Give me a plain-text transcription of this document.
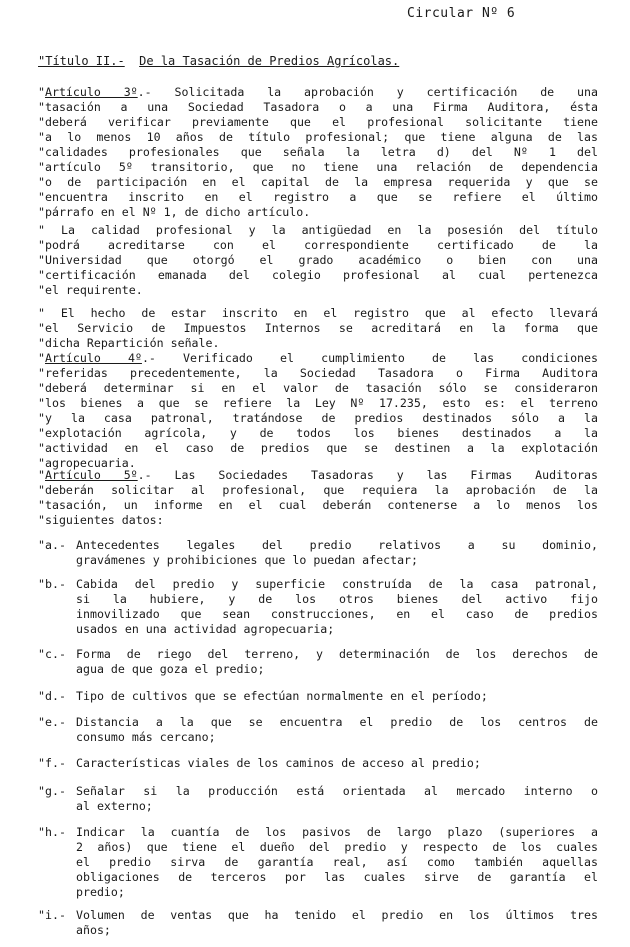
Circular Nº 6
"Título II.- De la Tasación de Predios Agrícolas.
"Artículo 3º.- Solicitada la aprobación y certificación de una
"tasación a una Sociedad Tasadora o a una Firma Auditora, ésta
"deberá verificar previamente que el profesional solicitante tiene
"a lo menos 10 años de título profesional; que tiene alguna de las
"calidades profesionales que señala la letra d) del Nº 1 del
"artículo 5º transitorio, que no tiene una relación de dependencia
"o de participación en el capital de la empresa requerida y que se
"encuentra inscrito en el registro a que se refiere el último
"párrafo en el Nº 1, de dicho artículo.
" La calidad profesional y la antigüedad en la posesión del título
"podrá acreditarse con el correspondiente certificado de la
"Universidad que otorgó el grado académico o bien con una
"certificación emanada del colegio profesional al cual pertenezca
"el requirente.
" El hecho de estar inscrito en el registro que al efecto llevará
"el Servicio de Impuestos Internos se acreditará en la forma que
"dicha Repartición señale.
"Artículo 4º.- Verificado el cumplimiento de las condiciones
"referidas precedentemente, la Sociedad Tasadora o Firma Auditora
"deberá determinar si en el valor de tasación sólo se consideraron
"los bienes a que se refiere la Ley Nº 17.235, esto es: el terreno
"y la casa patronal, tratándose de predios destinados sólo a la
"explotación agrícola, y de todos los bienes destinados a la
"actividad en el caso de predios que se destinen a la explotación
"agropecuaria.
"Artículo 5º.- Las Sociedades Tasadoras y las Firmas Auditoras
"deberán solicitar al profesional, que requiera la aprobación de la
"tasación, un informe en el cual deberán contenerse a lo menos los
"siguientes datos:
"a.- Antecedentes legales del predio relativos a su dominio,
gravámenes y prohibiciones que lo puedan afectar;
"b.- Cabida del predio y superficie construída de la casa patronal,
si la hubiere, y de los otros bienes del activo fijo
inmovilizado que sean construcciones, en el caso de predios
usados en una actividad agropecuaria;
"c.- Forma de riego del terreno, y determinación de los derechos de
agua de que goza el predio;
"d.- Tipo de cultivos que se efectúan normalmente en el período;
"e.- Distancia a la que se encuentra el predio de los centros de
consumo más cercano;
"f.- Características viales de los caminos de acceso al predio;
"g.- Señalar si la producción está orientada al mercado interno o
al externo;
"h.- Indicar la cuantía de los pasivos de largo plazo (superiores a
2 años) que tiene el dueño del predio y respecto de los cuales
el predio sirva de garantía real, así como también aquellas
obligaciones de terceros por las cuales sirve de garantía el
predio;
"i.- Volumen de ventas que ha tenido el predio en los últimos tres
años;
